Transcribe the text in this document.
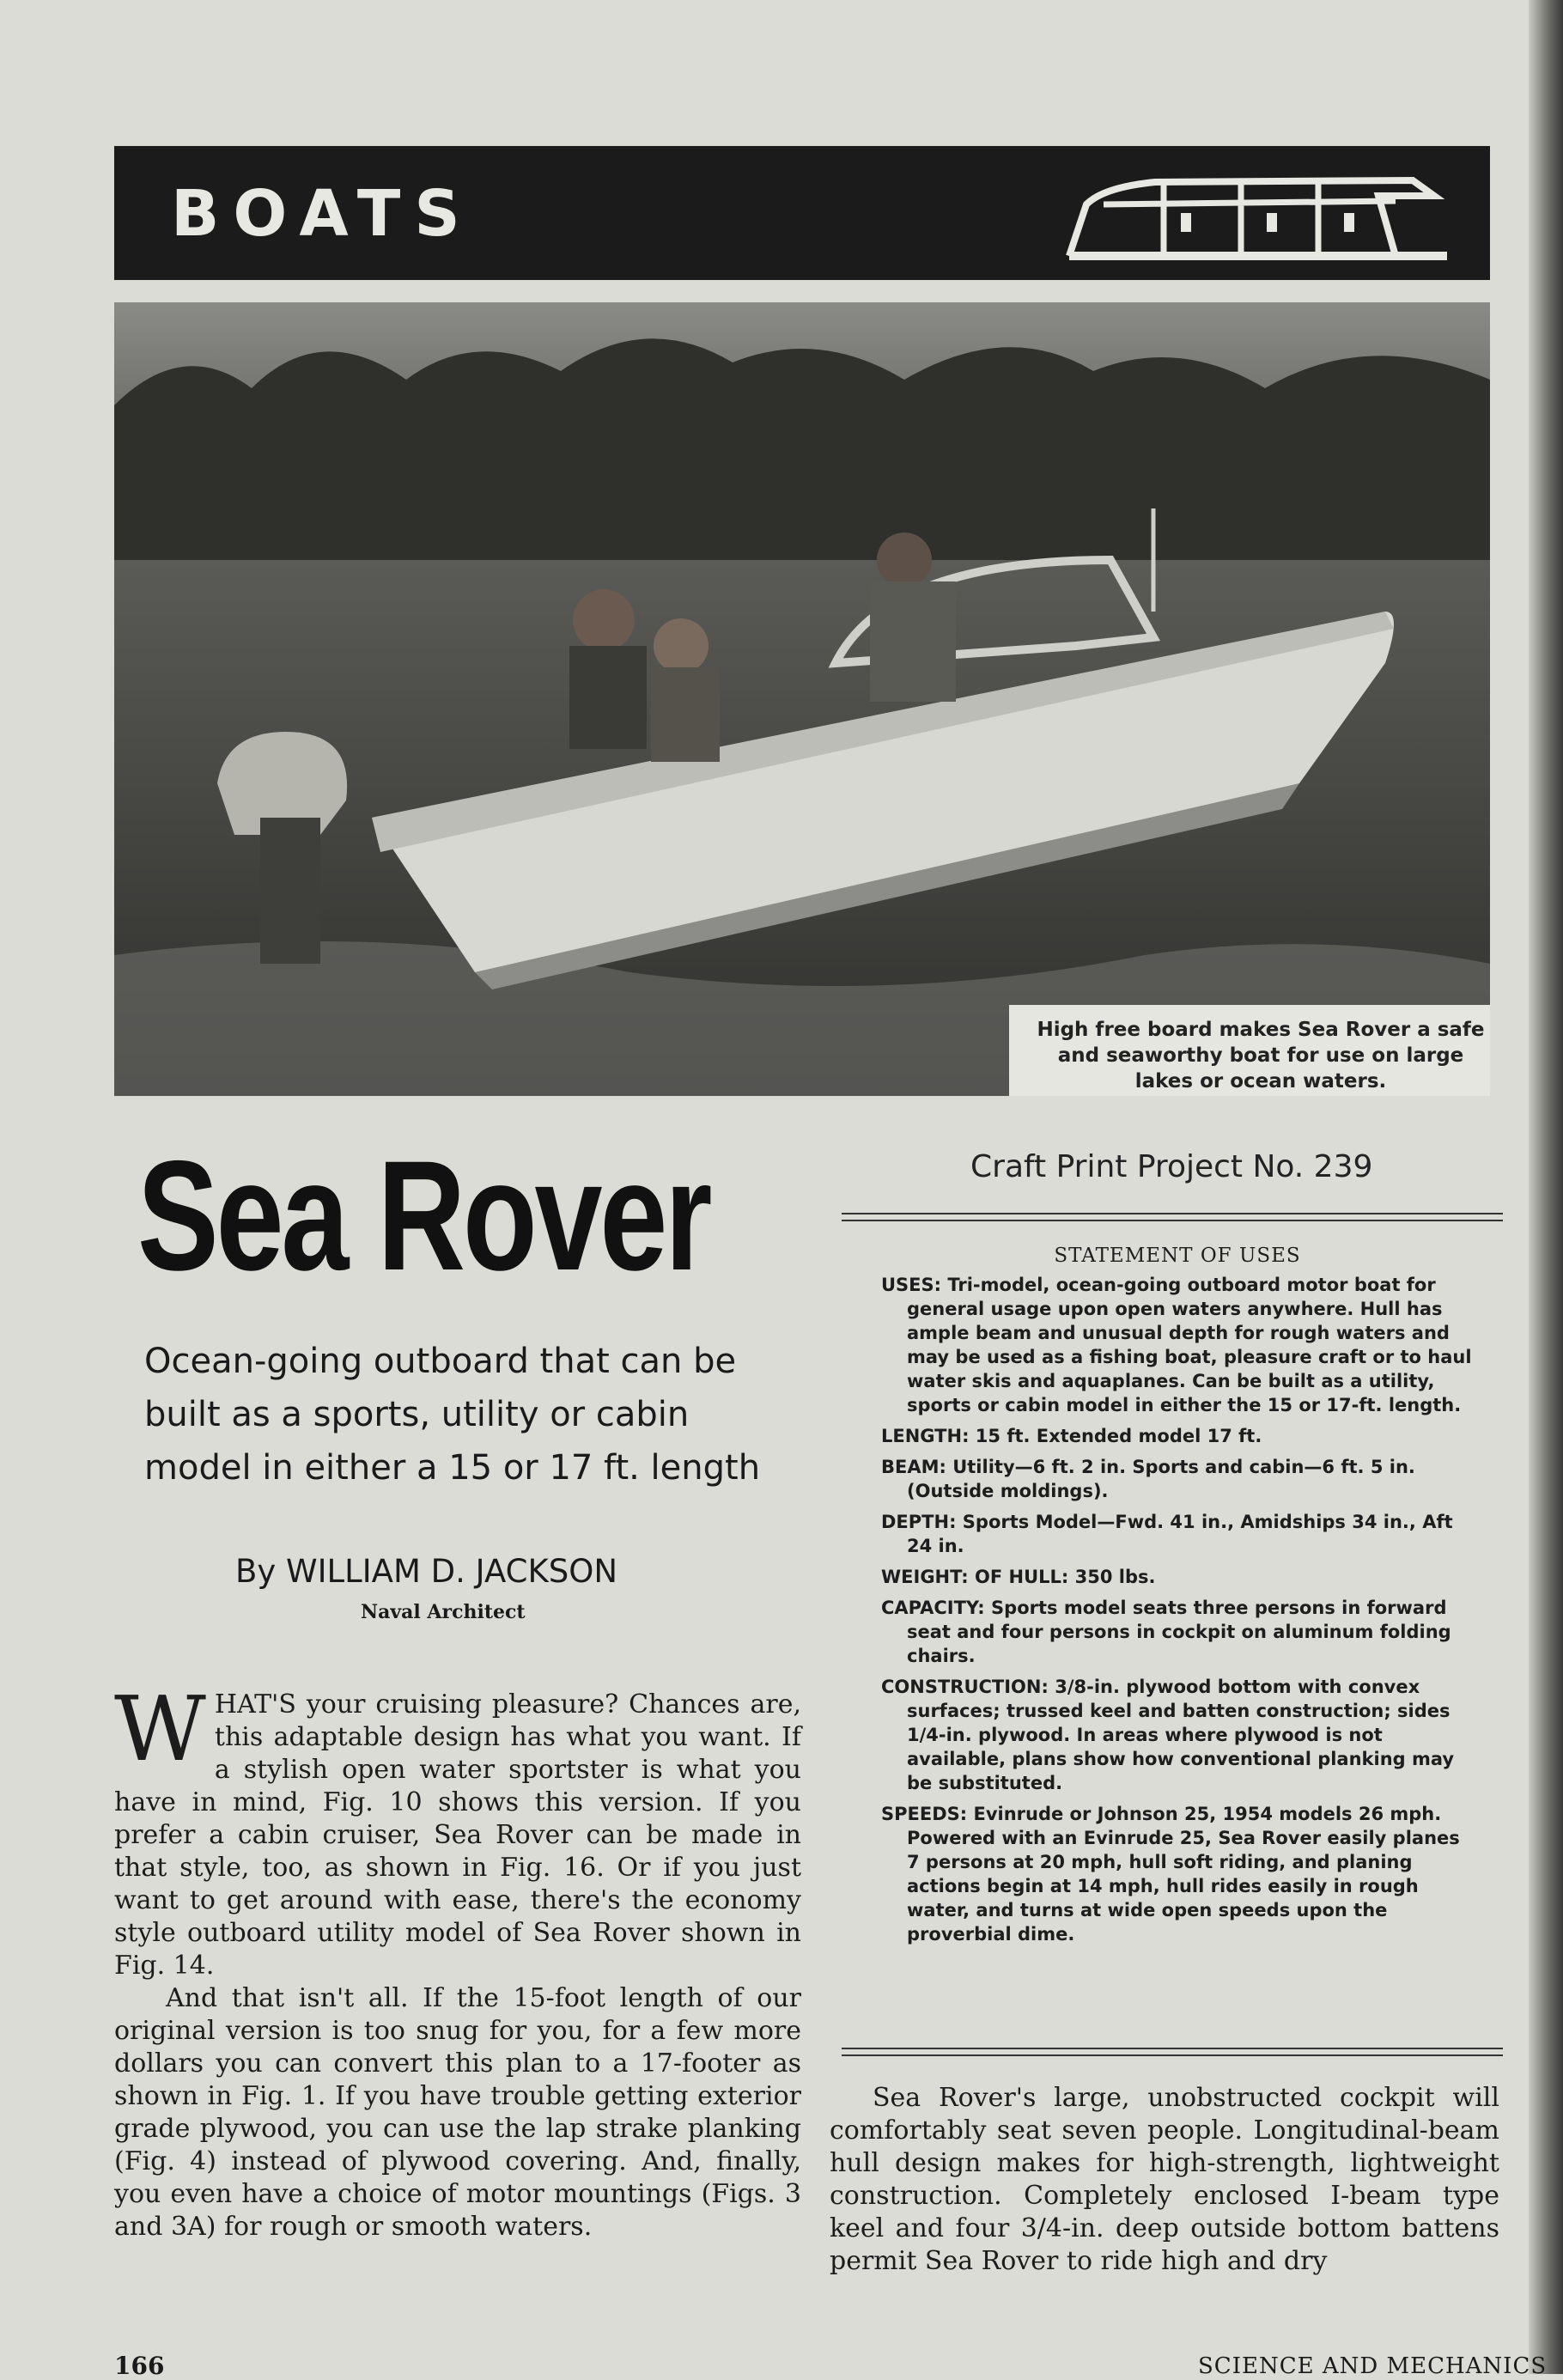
BOATS
High free board makes Sea Rover a safe and seaworthy boat for use on large lakes or ocean waters.
Sea Rover
Ocean-going outboard that can be built as a sports, utility or cabin model in either a 15 or 17 ft. length
By WILLIAM D. JACKSON
Naval Architect
Craft Print Project No. 239
STATEMENT OF USES
USES: Tri-model, ocean-going outboard motor boat for general usage upon open waters anywhere. Hull has ample beam and unusual depth for rough waters and may be used as a fishing boat, pleasure craft or to haul water skis and aquaplanes. Can be built as a utility, sports or cabin model in either the 15 or 17-ft. length.
LENGTH: 15 ft. Extended model 17 ft.
BEAM: Utility—6 ft. 2 in. Sports and cabin—6 ft. 5 in. (Outside moldings).
DEPTH: Sports Model—Fwd. 41 in., Amidships 34 in., Aft 24 in.
WEIGHT: OF HULL: 350 lbs.
CAPACITY: Sports model seats three persons in forward seat and four persons in cockpit on aluminum folding chairs.
CONSTRUCTION: 3/8-in. plywood bottom with convex surfaces; trussed keel and batten construction; sides 1/4-in. plywood. In areas where plywood is not available, plans show how conventional planking may be substituted.
SPEEDS: Evinrude or Johnson 25, 1954 models 26 mph. Powered with an Evinrude 25, Sea Rover easily planes 7 persons at 20 mph, hull soft riding, and planing actions begin at 14 mph, hull rides easily in rough water, and turns at wide open speeds upon the proverbial dime.

WHAT'S your cruising pleasure? Chances are, this adaptable design has what you want. If a stylish open water sportster is what you have in mind, Fig. 10 shows this version. If you prefer a cabin cruiser, Sea Rover can be made in that style, too, as shown in Fig. 16. Or if you just want to get around with ease, there's the economy style outboard utility model of Sea Rover shown in Fig. 14.

And that isn't all. If the 15-foot length of our original version is too snug for you, for a few more dollars you can convert this plan to a 17-footer as shown in Fig. 1. If you have trouble getting exterior grade plywood, you can use the lap strake planking (Fig. 4) instead of plywood covering. And, finally, you even have a choice of motor mountings (Figs. 3 and 3A) for rough or smooth waters.

Sea Rover's large, unobstructed cockpit will comfortably seat seven people. Longitudinal-beam hull design makes for high-strength, lightweight construction. Completely enclosed I-beam type keel and four 3/4-in. deep outside bottom battens permit Sea Rover to ride high and dry

166	SCIENCE AND MECHANICS
